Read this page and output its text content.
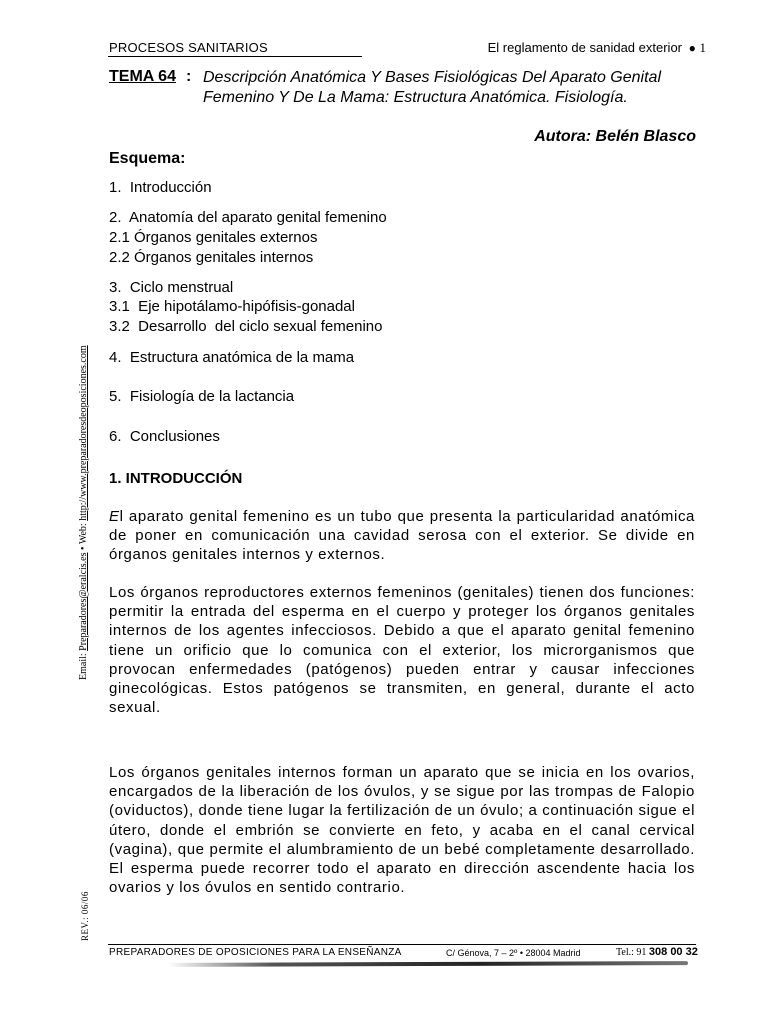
PROCESOS SANITARIOS	El reglamento de sanidad exterior ● 1
TEMA 64 : Descripción Anatómica Y Bases Fisiológicas Del Aparato Genital Femenino Y De La Mama: Estructura Anatómica. Fisiología.
Autora: Belén Blasco
Esquema:
1.  Introducción
2.  Anatomía del aparato genital femenino
2.1 Órganos genitales externos
2.2 Órganos genitales internos
3.  Ciclo menstrual
3.1  Eje hipotálamo-hipófisis-gonadal
3.2  Desarrollo  del ciclo sexual femenino
4.  Estructura anatómica de la mama
5.  Fisiología de la lactancia
6.  Conclusiones
1. INTRODUCCIÓN
El aparato genital femenino es un tubo que presenta la particularidad anatómica de poner en comunicación una cavidad serosa con el exterior. Se divide en órganos genitales internos y externos.
Los órganos reproductores externos femeninos (genitales) tienen dos funciones: permitir la entrada del esperma en el cuerpo y proteger los órganos genitales internos de los agentes infecciosos. Debido a que el aparato genital femenino tiene un orificio que lo comunica con el exterior, los microrganismos que provocan enfermedades (patógenos) pueden entrar y causar infecciones ginecológicas. Estos patógenos se transmiten, en general, durante el acto sexual.
Los órganos genitales internos forman un aparato que se inicia en los ovarios, encargados de la liberación de los óvulos, y se sigue por las trompas de Falopio (oviductos), donde tiene lugar la fertilización de un óvulo; a continuación sigue el útero, donde el embrión se convierte en feto, y acaba en el canal cervical (vagina), que permite el alumbramiento de un bebé completamente desarrollado. El esperma puede recorrer todo el aparato en dirección ascendente hacia los ovarios y los óvulos en sentido contrario.
Email: Preparadores@eralcis.es • Web: http://www.preparadoresdeoposiciones.com
REV.: 06/06
PREPARADORES DE OPOSICIONES PARA LA ENSEÑANZA	C/ Génova, 7 – 2º • 28004 Madrid	Tel.: 91 308 00 32
